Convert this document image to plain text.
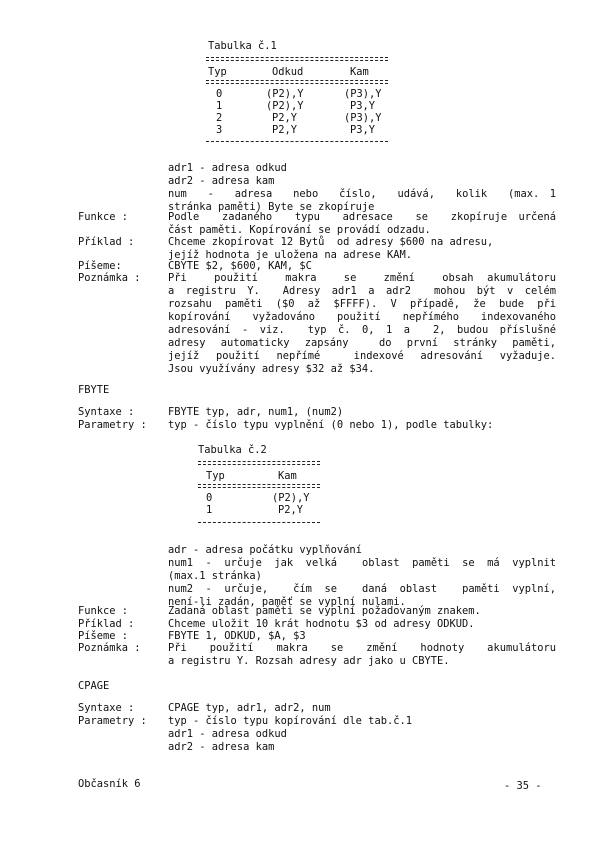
Tabulka č.1
Typ	Odkud	Kam
0	(P2),Y	(P3),Y
1	(P2),Y	P3,Y
2	P2,Y	(P3),Y
3	P2,Y	P3,Y
adr1 - adresa odkud
adr2 - adresa kam
num  -  adresa  nebo  číslo,  udává,  kolik  (max. 1
stránka paměti) Byte se zkopíruje
Funkce :	Podle  zadaného  typu  adresace  se  zkopíruje určená
část paměti. Kopírování se provádí odzadu.
Příklad :	Chceme zkopírovat 12 Bytů  od adresy $600 na adresu,
jejíž hodnota je uložena na adrese KAM.
Píšeme:	CBYTE $2, $600, KAM, $C
Poznámka :	Při  použití  makra  se  změní  obsah akumulátoru
a registru Y.  Adresy adr1 a adr2  mohou být v celém
rozsahu paměti ($0 až $FFFF). V případě, že bude při
kopírování vyžadováno použití nepřímého indexovaného
adresování - viz.  typ č. 0, 1 a  2, budou příslušné
adresy automaticky zapsány  do první stránky paměti,
jejíž použití nepřímé  indexové adresování vyžaduje.
Jsou využívány adresy $32 až $34.
FBYTE
Syntaxe :	FBYTE typ, adr, num1, (num2)
Parametry : typ - číslo typu vyplnění (0 nebo 1), podle tabulky:
Tabulka č.2
Typ	Kam
0	(P2),Y
1	P2,Y
adr - adresa počátku vyplňování
num1 - určuje jak velká  oblast paměti se má vyplnit
(max.1 stránka)
num2 - určuje,  čím se  daná oblast  paměti vyplní,
není-li zadán, paměť se vyplní nulami.
Funkce :	Zadaná oblast paměti se vyplní požadovaným znakem.
Příklad :	Chceme uložit 10 krát hodnotu $3 od adresy ODKUD.
Píšeme :	FBYTE 1, ODKUD, $A, $3
Poznámka :	Při  použití  makra  se  změní  hodnoty  akumulátoru
a registru Y. Rozsah adresy adr jako u CBYTE.
CPAGE
Syntaxe :	CPAGE typ, adr1, adr2, num
Parametry : typ - číslo typu kopírování dle tab.č.1
adr1 - adresa odkud
adr2 - adresa kam
Občasník 6	- 35 -
